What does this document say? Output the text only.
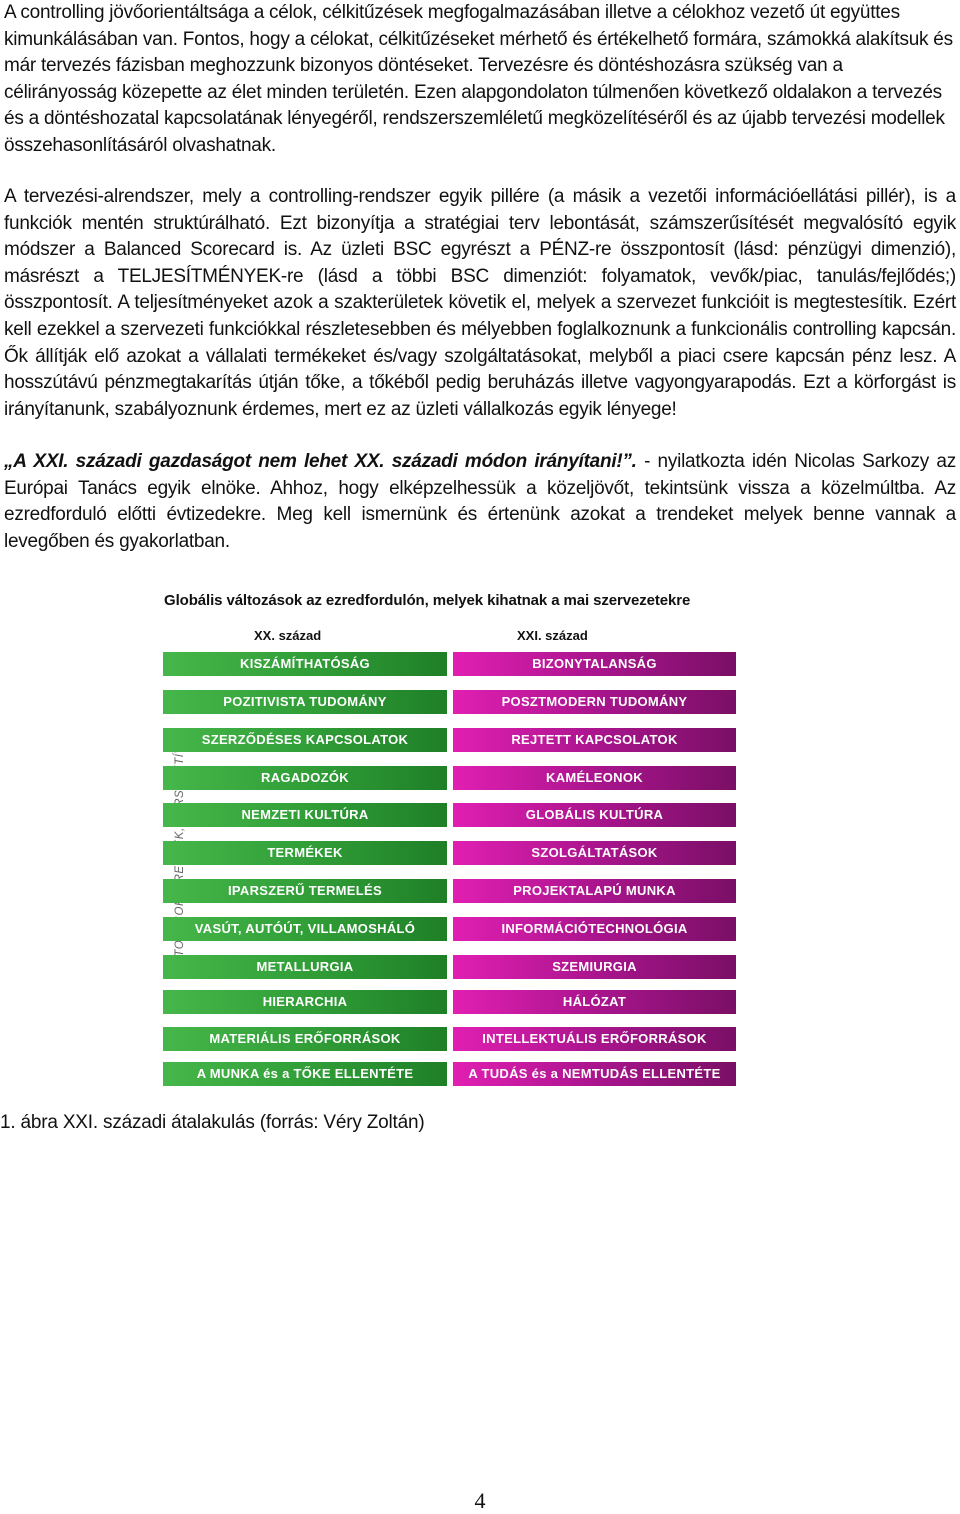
A controlling jövőorientáltsága a célok, célkitűzések megfogalmazásában illetve a célokhoz vezető út együttes kimunkálásában van. Fontos, hogy a célokat, célkitűzéseket mérhető és értékelhető formára, számokká alakítsuk és már tervezés fázisban meghozzunk bizonyos döntéseket. Tervezésre és döntéshozásra szükség van a célirányosság közepette az élet minden területén. Ezen alapgondolaton túlmenően következő oldalakon a tervezés és a döntéshozatal kapcsolatának lényegéről, rendszerszemléletű megközelítéséről és az újabb tervezési modellek összehasonlításáról olvashatnak.

A tervezési-alrendszer, mely a controlling-rendszer egyik pillére (a másik a vezetői információellátási pillér), is a funkciók mentén struktúrálható. Ezt bizonyítja a stratégiai terv lebontását, számszerűsítését megvalósító egyik módszer a Balanced Scorecard is. Az üzleti BSC egyrészt a PÉNZ-re összpontosít (lásd: pénzügyi dimenzió), másrészt a TELJESÍTMÉNYEK-re (lásd a többi BSC dimenziót: folyamatok, vevők/piac, tanulás/fejlődés;) összpontosít. A teljesítményeket azok a szakterületek követik el, melyek a szervezet funkcióit is megtestesítik. Ezért kell ezekkel a szervezeti funkciókkal részletesebben és mélyebben foglalkoznunk a funkcionális controlling kapcsán. Ők állítják elő azokat a vállalati termékeket és/vagy szolgáltatásokat, melyből a piaci csere kapcsán pénz lesz. A hosszútávú pénzmegtakarítás útján tőke, a tőkéből pedig beruházás illetve vagyongyarapodás. Ezt a körforgást is irányítanunk, szabályoznunk érdemes, mert ez az üzleti vállalkozás egyik lényege!

„A XXI. századi gazdaságot nem lehet XX. századi módon irányítani!”. - nyilatkozta idén Nicolas Sarkozy az Európai Tanács egyik elnöke. Ahhoz, hogy elképzelhessük a közeljövőt, tekintsünk vissza a közelmúltba. Az ezredforduló előtti évtizedekre. Meg kell ismernünk és értenünk azokat a trendeket melyek benne vannak a levegőben és gyakorlatban.

Globális változások az ezredfordulón, melyek kihatnak a mai szervezetekre
XX. század	XXI. század
KISZÁMÍTHATÓSÁG	BIZONYTALANSÁG
POZITIVISTA TUDOMÁNY	POSZTMODERN TUDOMÁNY
SZERZŐDÉSES KAPCSOLATOK	REJTETT KAPCSOLATOK
RAGADOZÓK	KAMÉLEONOK
NEMZETI KULTÚRA	GLOBÁLIS KULTÚRA
TERMÉKEK	SZOLGÁLTATÁSOK
IPARSZERŰ TERMELÉS	PROJEKTALAPÚ MUNKA
VASÚT, AUTÓÚT, VILLAMOSHÁLÓ	INFORMÁCIÓTECHNOLÓGIA
METALLURGIA	SZEMIURGIA
HIERARCHIA	HÁLÓZAT
MATERIÁLIS ERŐFORRÁSOK	INTELLEKTUÁLIS ERŐFORRÁSOK
A MUNKA és a TŐKE ELLENTÉTE	A TUDÁS és a NEMTUDÁS ELLENTÉTE
1. ábra XXI. századi átalakulás (forrás: Véry Zoltán)
4
